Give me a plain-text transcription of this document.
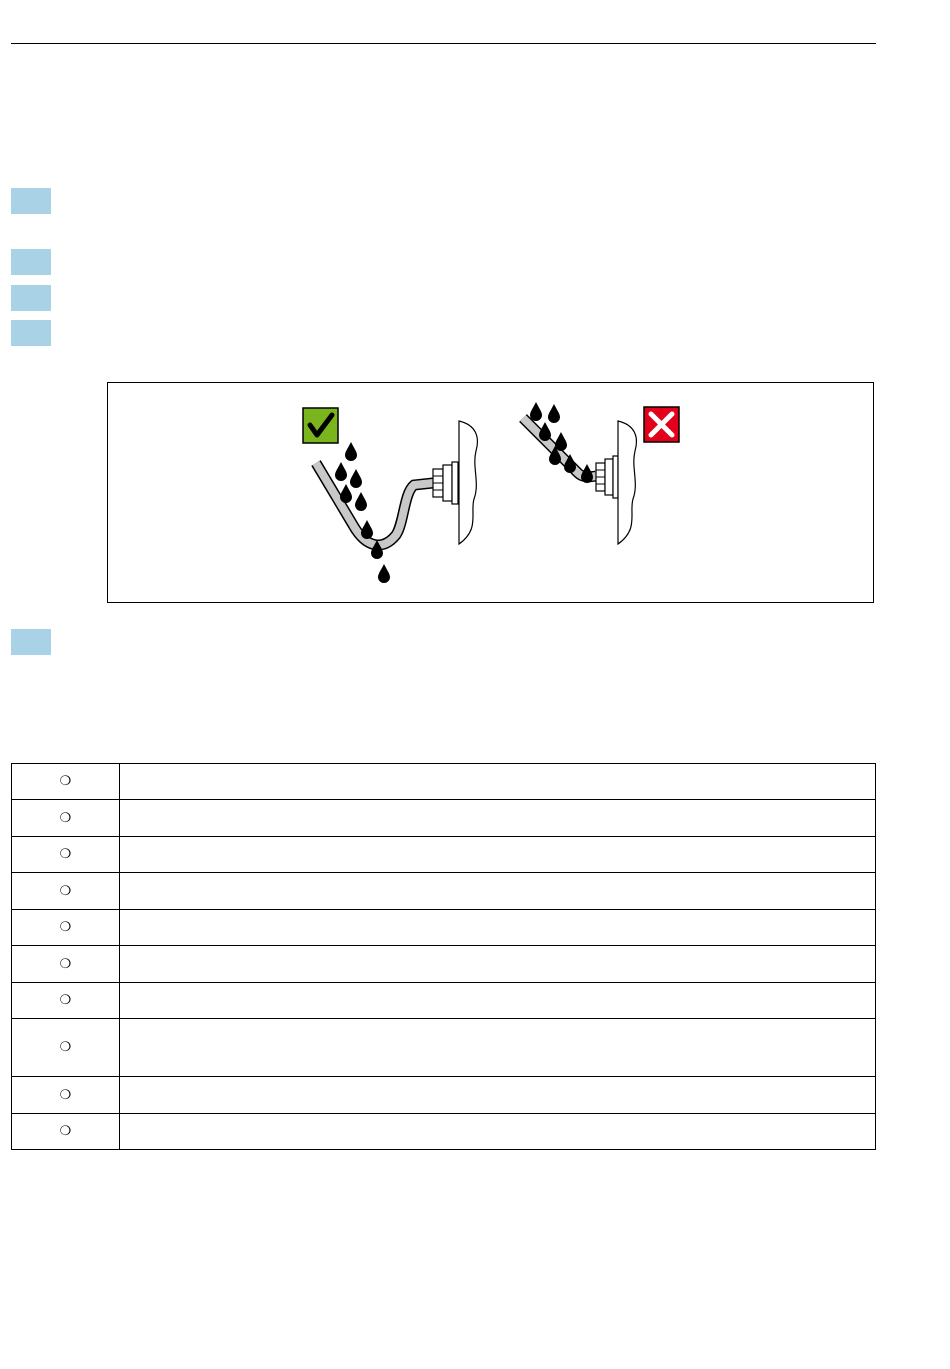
❍	
❍	
❍	
❍	
❍	
❍	
❍	
❍	
❍	
❍	
